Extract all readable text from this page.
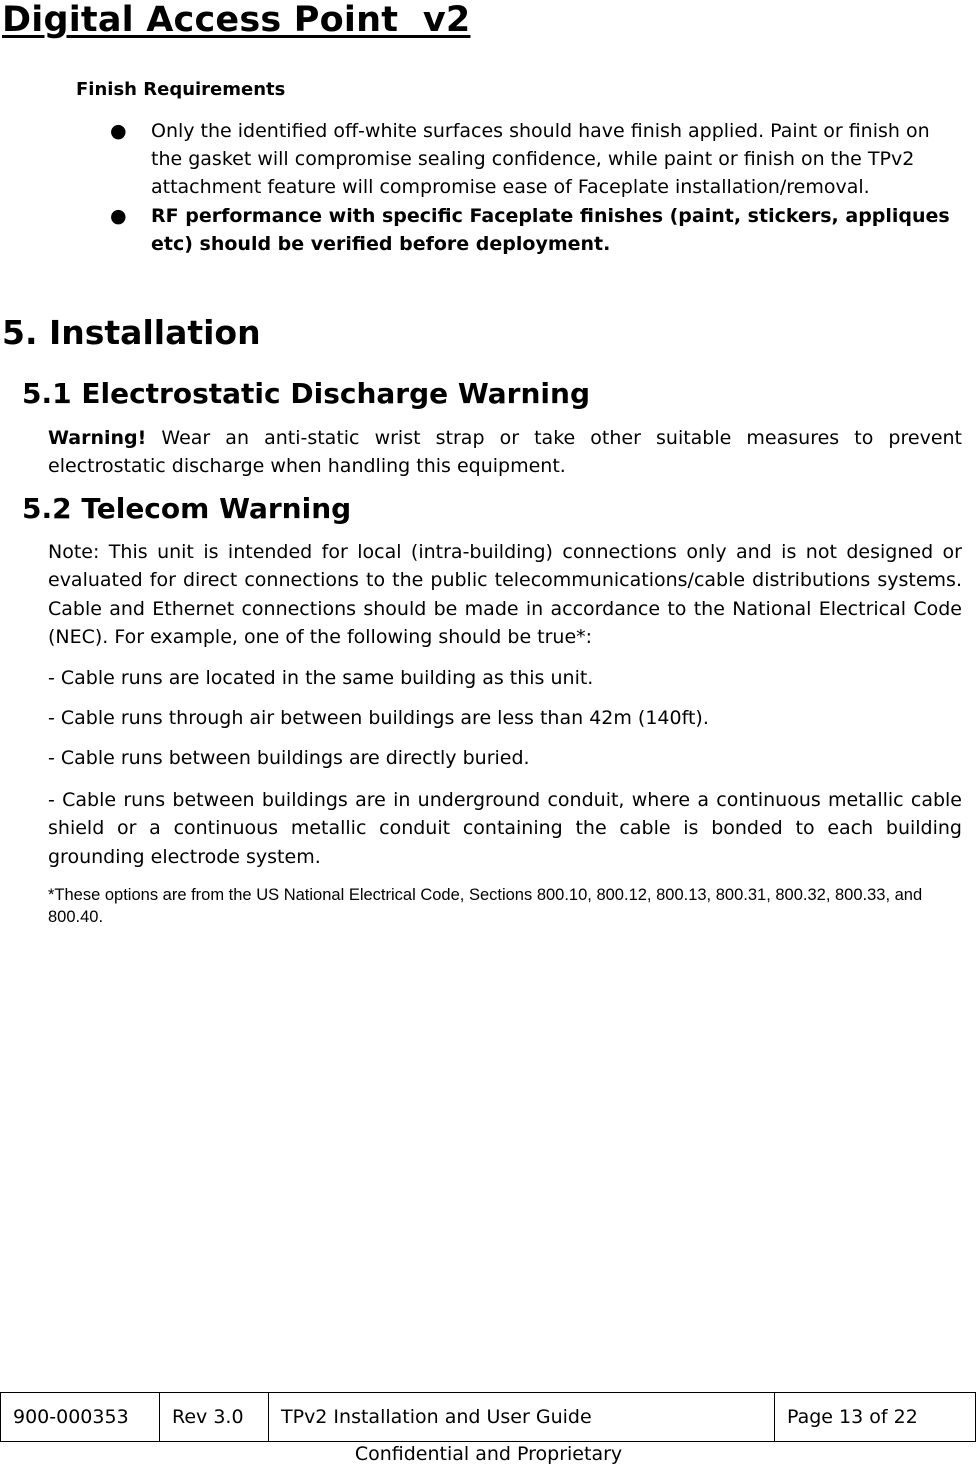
Digital Access Point  v2
Finish Requirements
● Only the identified off-white surfaces should have finish applied. Paint or finish on the gasket will compromise sealing confidence, while paint or finish on the TPv2 attachment feature will compromise ease of Faceplate installation/removal.
● RF performance with specific Faceplate finishes (paint, stickers, appliques etc) should be verified before deployment.
5. Installation
5.1 Electrostatic Discharge Warning

Warning! Wear an anti-static wrist strap or take other suitable measures to prevent electrostatic discharge when handling this equipment.

5.2 Telecom Warning

Note: This unit is intended for local (intra-building) connections only and is not designed or evaluated for direct connections to the public telecommunications/cable distributions systems. Cable and Ethernet connections should be made in accordance to the National Electrical Code (NEC). For example, one of the following should be true*:

- Cable runs are located in the same building as this unit.

- Cable runs through air between buildings are less than 42m (140ft).

- Cable runs between buildings are directly buried.

- Cable runs between buildings are in underground conduit, where a continuous metallic cable shield or a continuous metallic conduit containing the cable is bonded to each building grounding electrode system.

*These options are from the US National Electrical Code, Sections 800.10, 800.12, 800.13, 800.31, 800.32, 800.33, and 800.40.

900-000353	Rev 3.0	TPv2 Installation and User Guide	Page 13 of 22
Confidential and Proprietary
